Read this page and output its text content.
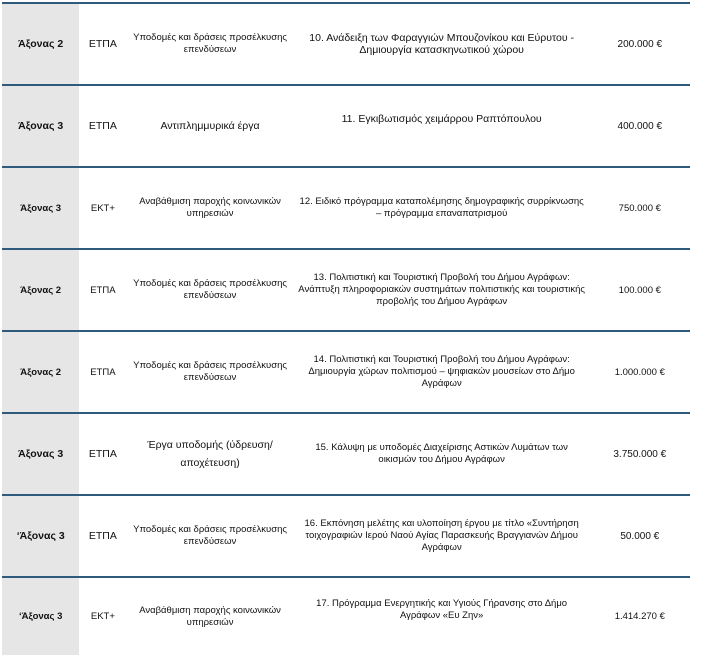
Άξονας 2	ΕΤΠΑ	Υποδομές και δράσεις προσέλκυσης επενδύσεων	10. Ανάδειξη των Φαραγγιών Μπουζονίκου και Εύρυτου - Δημιουργία κατασκηνωτικού χώρου	200.000 €
Άξονας 3	ΕΤΠΑ	Αντιπλημμυρικά έργα	11. Εγκιβωτισμός χειμάρρου Ραπτόπουλου	400.000 €
Άξονας 3	ΕΚΤ+	Αναβάθμιση παροχής κοινωνικών υπηρεσιών	12. Ειδικό πρόγραμμα καταπολέμησης δημογραφικής συρρίκνωσης – πρόγραμμα επαναπατρισμού	750.000 €
Άξονας 2	ΕΤΠΑ	Υποδομές και δράσεις προσέλκυσης επενδύσεων	13. Πολιτιστική και Τουριστική Προβολή του Δήμου Αγράφων: Ανάπτυξη πληροφοριακών συστημάτων πολιτιστικής και τουριστικής προβολής του Δήμου Αγράφων	100.000 €
Άξονας 2	ΕΤΠΑ	Υποδομές και δράσεις προσέλκυσης επενδύσεων	14. Πολιτιστική και Τουριστική Προβολή του Δήμου Αγράφων: Δημιουργία χώρων πολιτισμού – ψηφιακών μουσείων στο Δήμο Αγράφων	1.000.000 €
Άξονας 3	ΕΤΠΑ	Έργα υποδομής (ύδρευση/αποχέτευση)	15. Κάλυψη με υποδομές Διαχείρισης Αστικών Λυμάτων των οικισμών του Δήμου Αγράφων	3.750.000 €
‘Άξονας 3	ΕΤΠΑ	Υποδομές και δράσεις προσέλκυσης επενδύσεων	16. Εκπόνηση μελέτης και υλοποίηση έργου με τίτλο «Συντήρηση τοιχογραφιών Ιερού Ναού Αγίας Παρασκευής Βραγγιανών Δήμου Αγράφων	50.000 €
‘Άξονας 3	ΕΚΤ+	Αναβάθμιση παροχής κοινωνικών υπηρεσιών	17. Πρόγραμμα Ενεργητικής και Υγιούς Γήρανσης στο Δήμο Αγράφων «Ευ Ζην»	1.414.270 €
